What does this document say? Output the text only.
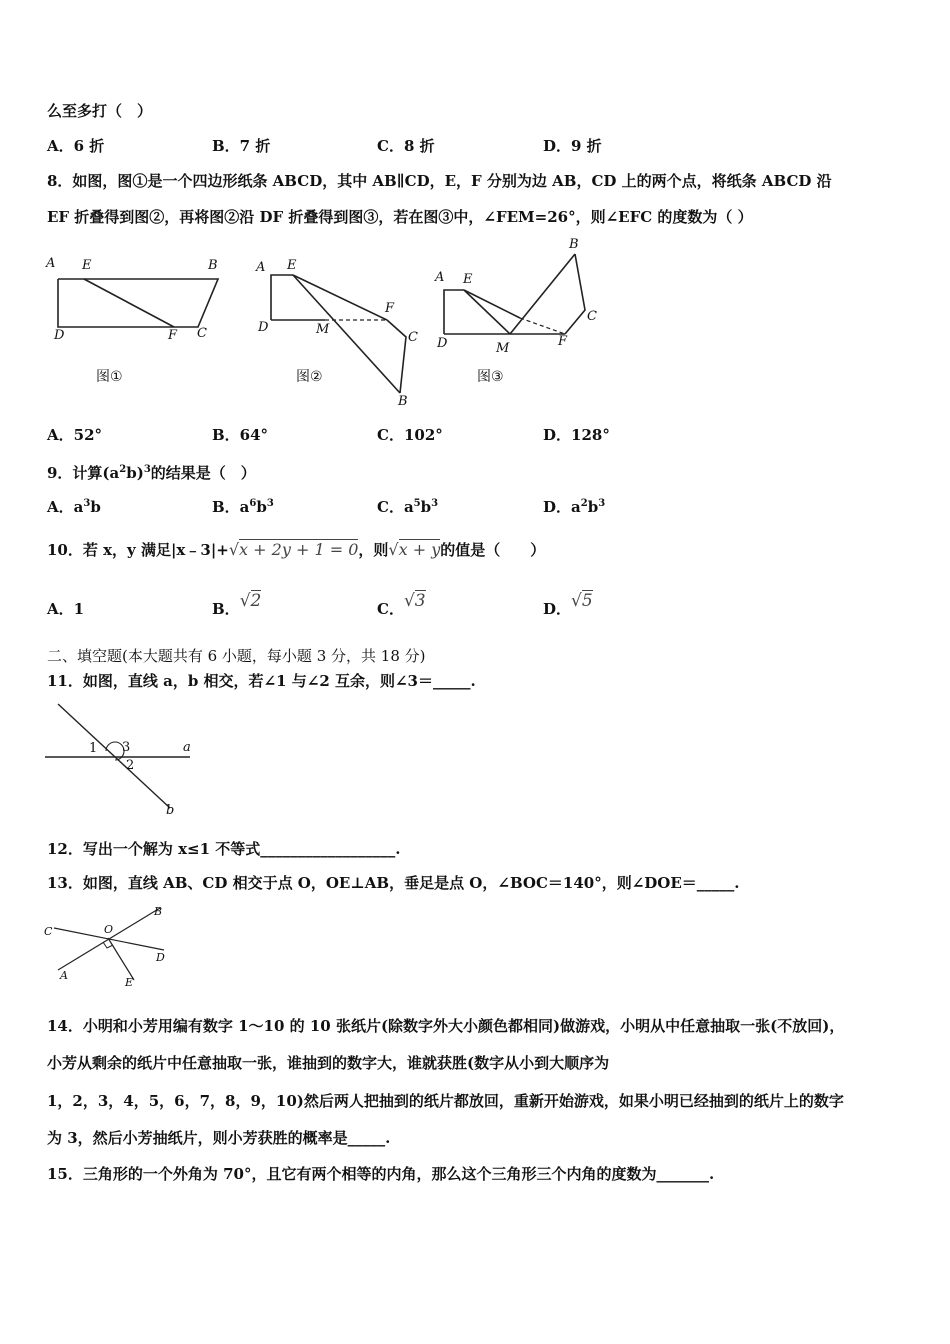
么至多打（　）
A．6 折	B．7 折	C．8 折	D．9 折
8．如图，图①是一个四边形纸条 ABCD，其中 AB∥CD，E，F 分别为边 AB，CD 上的两个点，将纸条 ABCD 沿
EF 折叠得到图②，再将图②沿 DF 折叠得到图③，若在图③中，∠FEM=26°，则∠EFC 的度数为（ ）
A E	B
D	F C
图①
A E
D	M
F
C
B
图②
A E
B
C
D	M	F
图③
A．52°	B．64°	C．102°	D．128°
9．计算$(a^2b)^3$的结果是（　）
A．$a^3b$	B．$a^6b^3$	C．$a^5b^3$	D．$a^2b^3$
10．若 x，y 满足|x﹣3|+√x + 2y + 1 = 0，则√x + y的值是（　　）
A．1	B．√2	C．√3	D．√5
二、填空题(本大题共有 6 小题，每小题 3 分，共 18 分)
11．如图，直线 a，b 相交，若∠1 与∠2 互余，则∠3＝_____.
1 3
2
a
b
12．写出一个解为 x≤1 不等式__________________.
13．如图，直线 AB、CD 相交于点 O，OE⊥AB，垂足是点 O，∠BOC＝140°，则∠DOE＝_____.
C	O
B
D
A
E
14．小明和小芳用编有数字 1～10 的 10 张纸片(除数字外大小颜色都相同)做游戏，小明从中任意抽取一张(不放回)，
小芳从剩余的纸片中任意抽取一张，谁抽到的数字大，谁就获胜(数字从小到大顺序为
1，2，3，4，5，6，7，8，9，10)然后两人把抽到的纸片都放回，重新开始游戏，如果小明已经抽到的纸片上的数字
为 3，然后小芳抽纸片，则小芳获胜的概率是_____.
15．三角形的一个外角为 70°，且它有两个相等的内角，那么这个三角形三个内角的度数为_______.
